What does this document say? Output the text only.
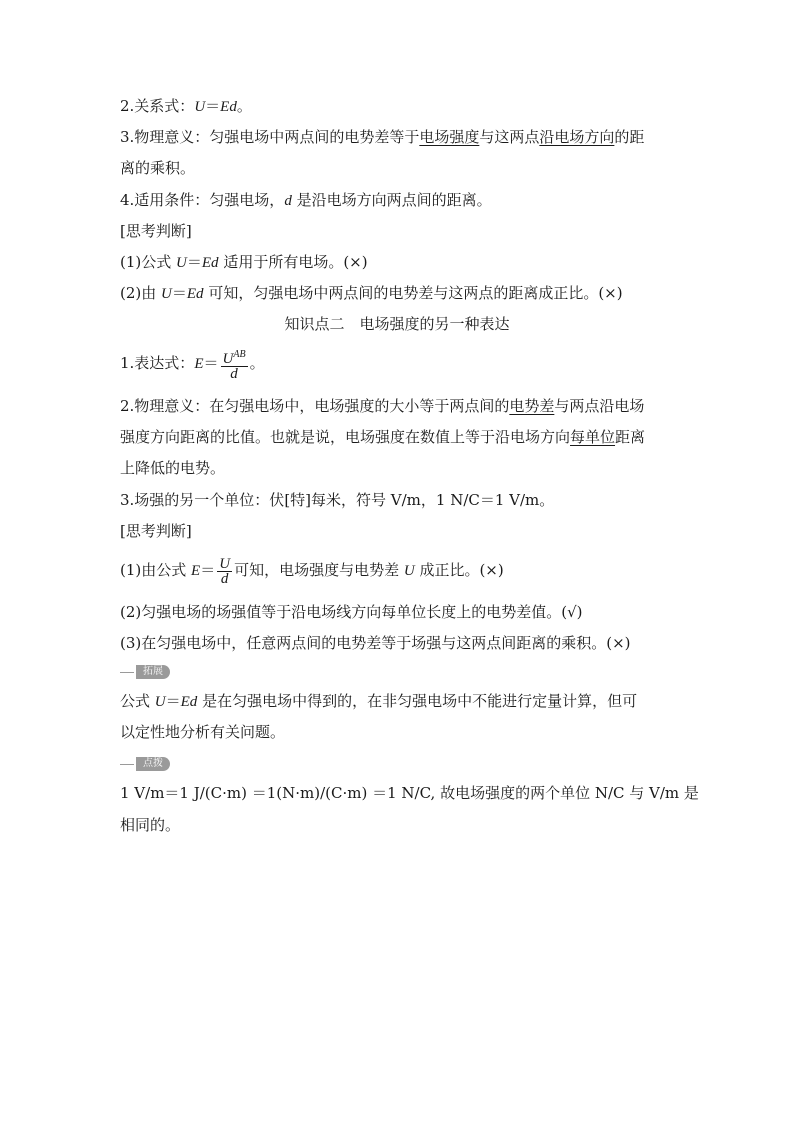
2.关系式：U＝Ed。
3.物理意义：匀强电场中两点间的电势差等于电场强度与这两点沿电场方向的距
离的乘积。
4.适用条件：匀强电场，d 是沿电场方向两点间的距离。
[思考判断]
(1)公式 U＝Ed 适用于所有电场。(×)
(2)由 U＝Ed 可知，匀强电场中两点间的电势差与这两点的距离成正比。(×)
知识点二　电场强度的另一种表达
1.表达式：$E= \frac{U^{AB}}{d}$ 。
2.物理意义：在匀强电场中，电场强度的大小等于两点间的电势差与两点沿电场
强度方向距离的比值。也就是说，电场强度在数值上等于沿电场方向每单位距离
上降低的电势。
3.场强的另一个单位：伏[特]每米，符号 V/m，1 N/C＝1 V/m。
[思考判断]
(1)由公式 $E= \frac{U}{d}$ 可知，电场强度与电势差 U 成正比。(×)
(2)匀强电场的场强值等于沿电场线方向每单位长度上的电势差值。(√)
(3)在匀强电场中，任意两点间的电势差等于场强与这两点间距离的乘积。(×)
拓展
公式 U＝Ed 是在匀强电场中得到的，在非匀强电场中不能进行定量计算，但可
以定性地分析有关问题。
点拨
1 V/m＝1 J/(C·m) ＝1(N·m)/(C·m) ＝1 N/C, 故电场强度的两个单位 N/C 与 V/m 是
相同的。
